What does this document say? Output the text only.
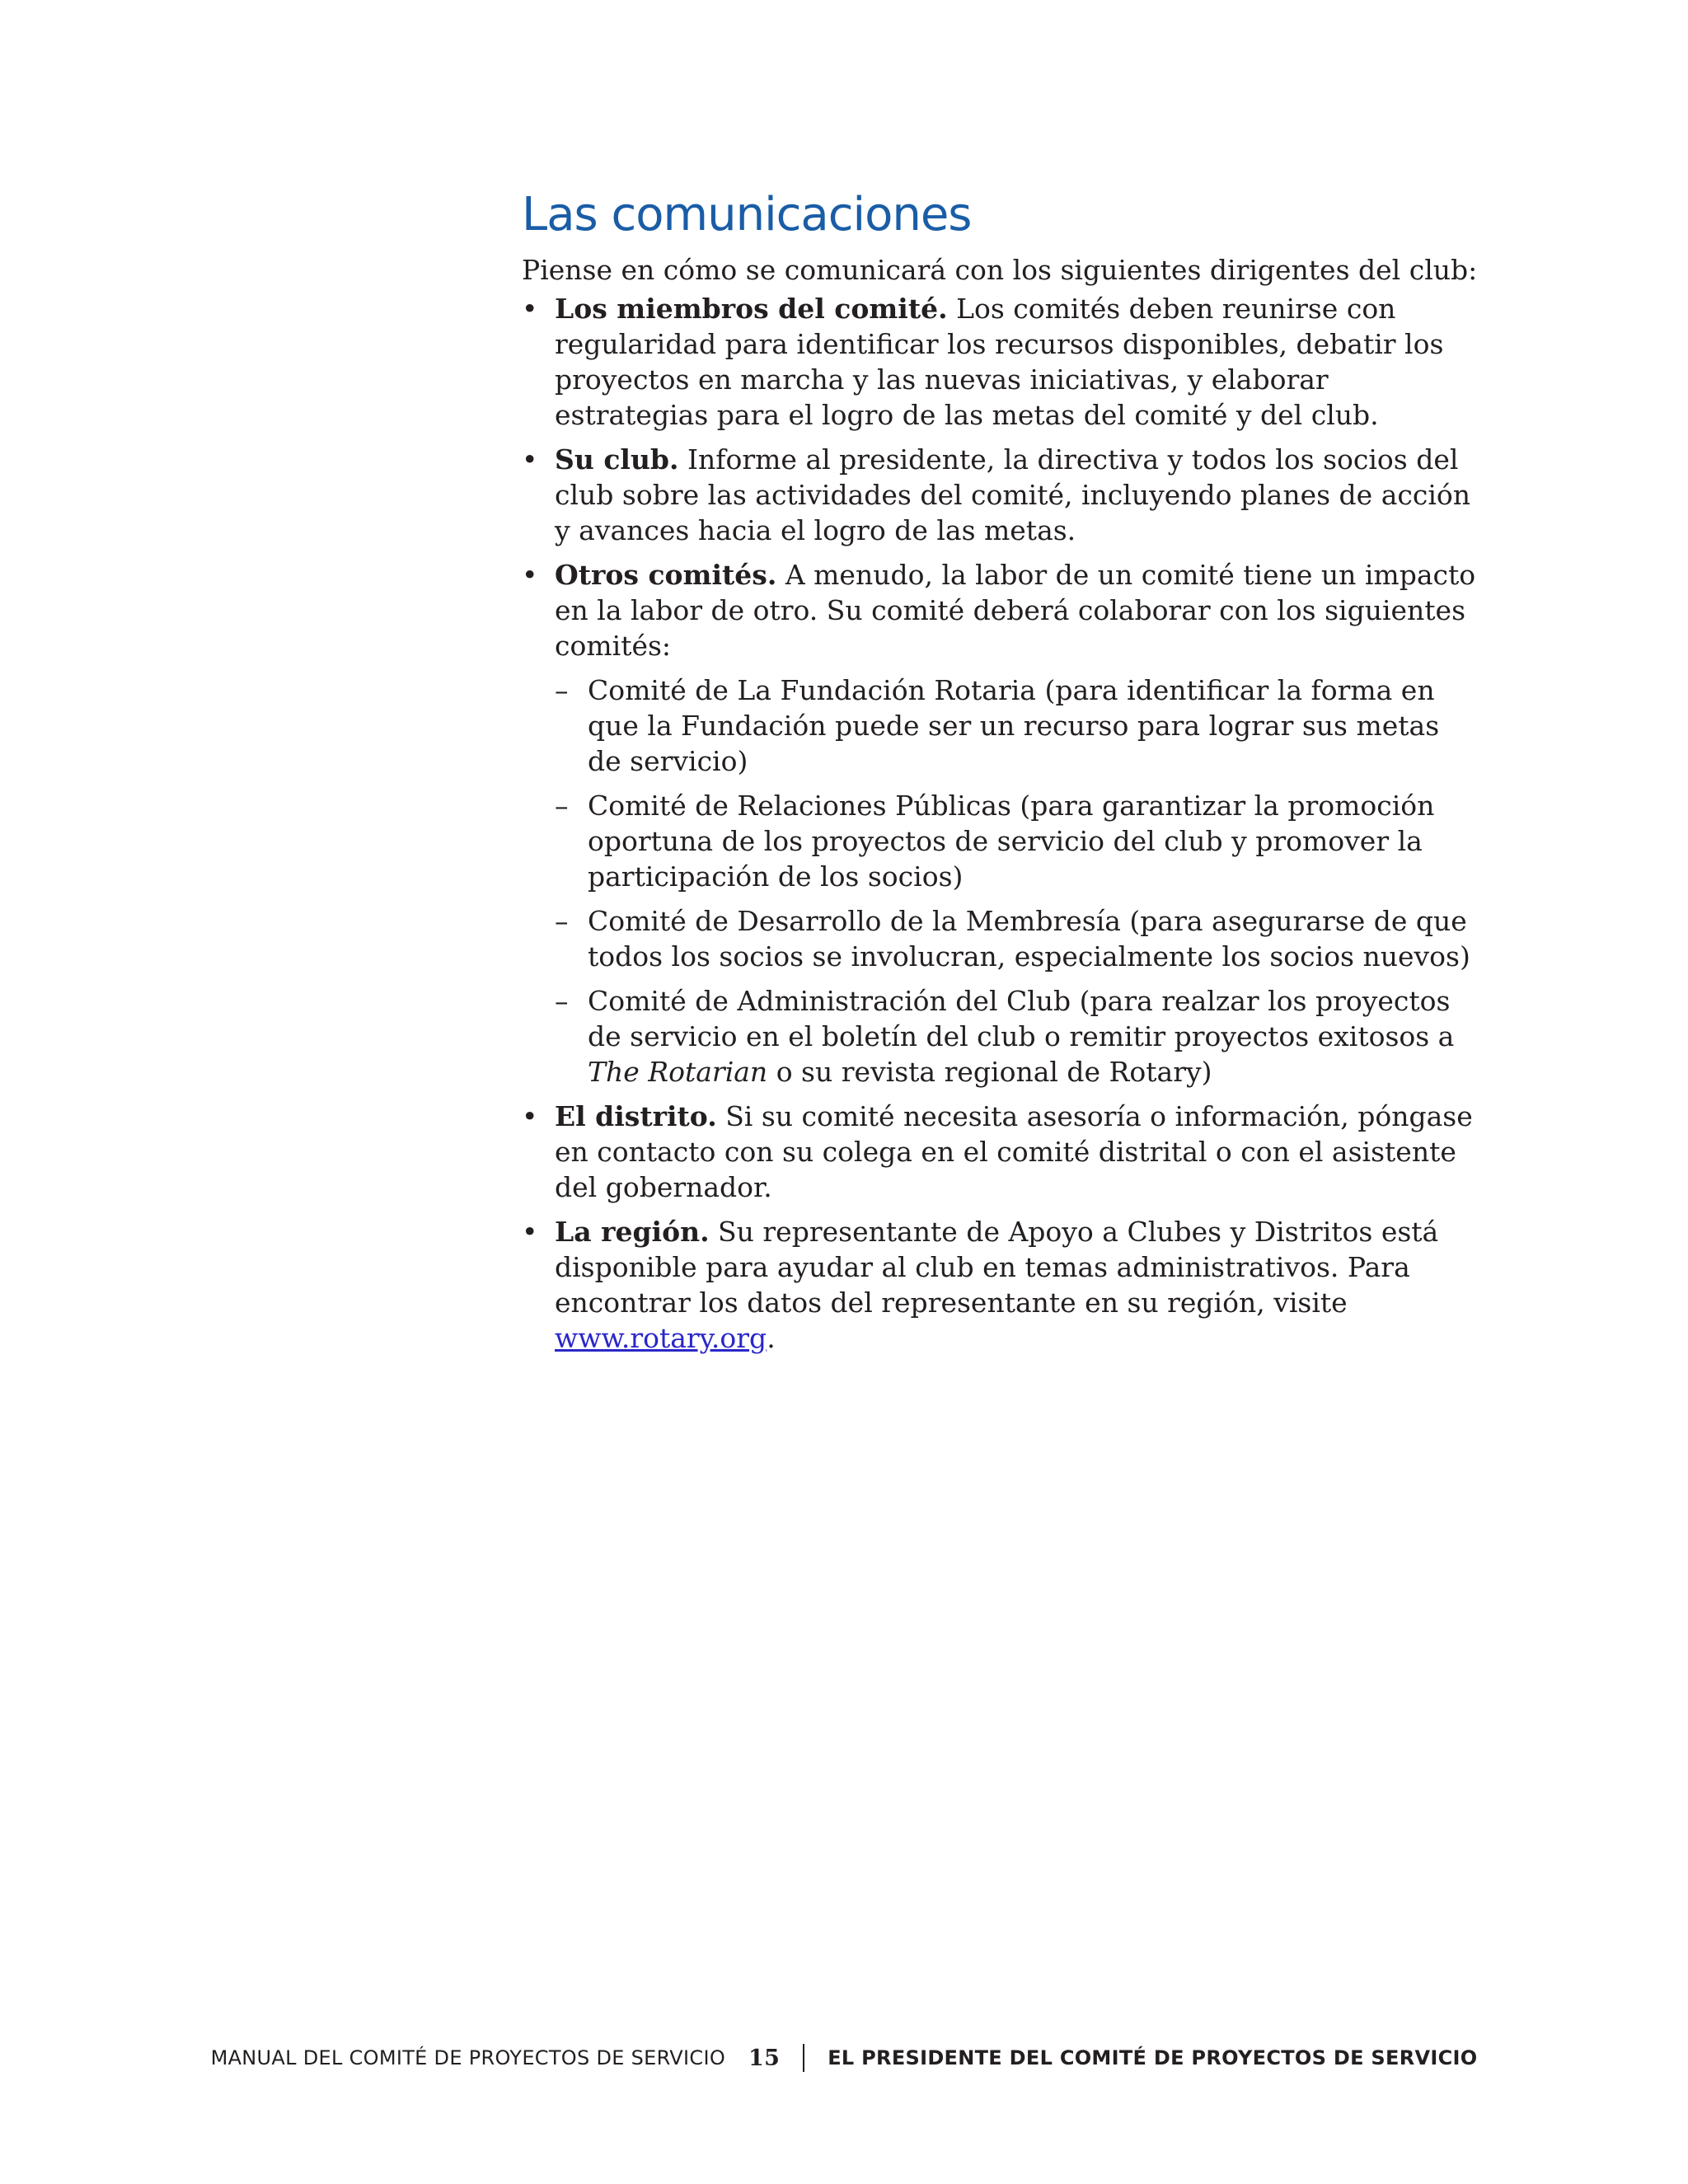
Las comunicaciones

Piense en cómo se comunicará con los siguientes dirigentes del club:

• Los miembros del comité. Los comités deben reunirse con regularidad para identificar los recursos disponibles, debatir los proyectos en marcha y las nuevas iniciativas, y elaborar estrategias para el logro de las metas del comité y del club.
• Su club. Informe al presidente, la directiva y todos los socios del club sobre las actividades del comité, incluyendo planes de acción y avances hacia el logro de las metas.
• Otros comités. A menudo, la labor de un comité tiene un impacto en la labor de otro. Su comité deberá colaborar con los siguientes comités:
– Comité de La Fundación Rotaria (para identificar la forma en que la Fundación puede ser un recurso para lograr sus metas de servicio)
– Comité de Relaciones Públicas (para garantizar la promoción oportuna de los proyectos de servicio del club y promover la participación de los socios)
– Comité de Desarrollo de la Membresía (para asegurarse de que todos los socios se involucran, especialmente los socios nuevos)
– Comité de Administración del Club (para realzar los proyectos de servicio en el boletín del club o remitir proyectos exitosos a The Rotarian o su revista regional de Rotary)
• El distrito. Si su comité necesita asesoría o información, póngase en contacto con su colega en el comité distrital o con el asistente del gobernador.
• La región. Su representante de Apoyo a Clubes y Distritos está disponible para ayudar al club en temas administrativos. Para encontrar los datos del representante en su región, visite www.rotary.org.
MANUAL DEL COMITÉ DE PROYECTOS DE SERVICIO 15 EL PRESIDENTE DEL COMITÉ DE PROYECTOS DE SERVICIO
